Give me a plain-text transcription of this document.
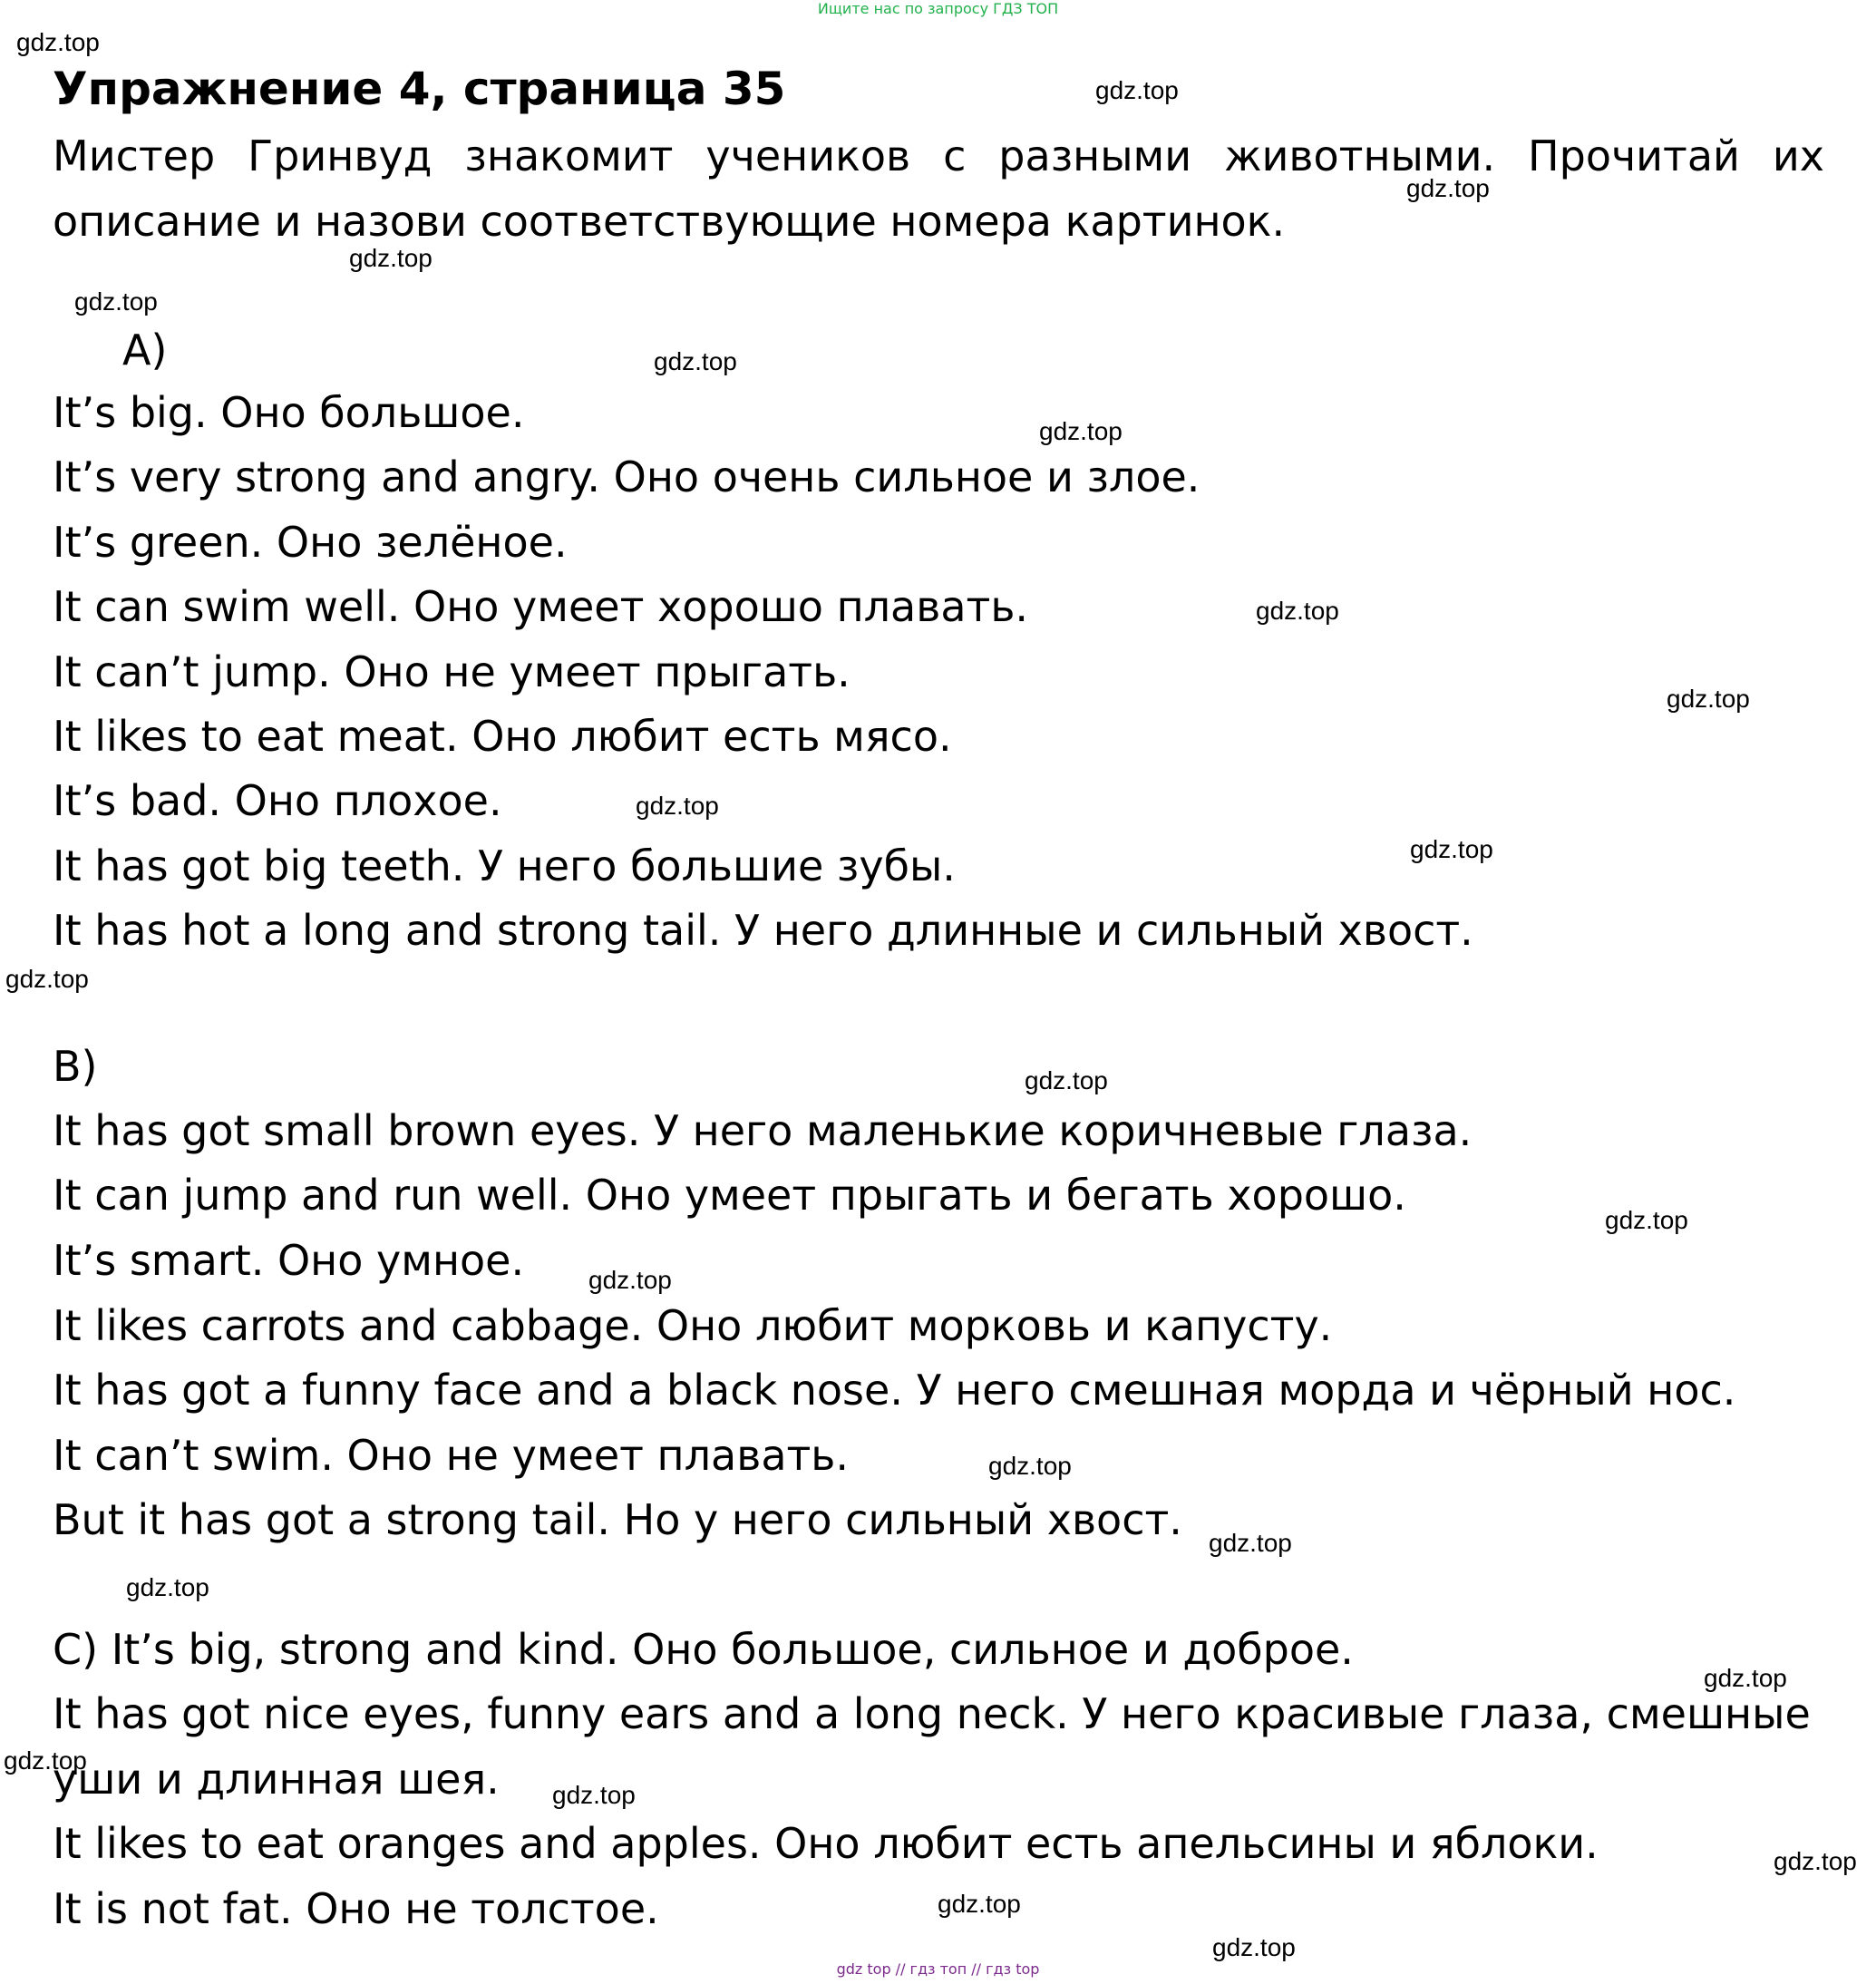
Ищите нас по запросу ГДЗ ТОП
Упражнение 4, страница 35
Мистер Гринвуд знакомит учеников с разными животными. Прочитай их описание и назови соответствующие номера картинок.
A)
It’s big. Оно большое.
It’s very strong and angry. Оно очень сильное и злое.
It’s green. Оно зелёное.
It can swim well. Оно умеет хорошо плавать.
It can’t jump. Оно не умеет прыгать.
It likes to eat meat. Оно любит есть мясо.
It’s bad. Оно плохое.
It has got big teeth. У него большие зубы.
It has hot a long and strong tail. У него длинные и сильный хвост.
B)
It has got small brown eyes. У него маленькие коричневые глаза.
It can jump and run well. Оно умеет прыгать и бегать хорошо.
It’s smart. Оно умное.
It likes carrots and cabbage. Оно любит морковь и капусту.
It has got a funny face and a black nose. У него смешная морда и чёрный нос.
It can’t swim. Оно не умеет плавать.
But it has got a strong tail. Но у него сильный хвост.
C) It’s big, strong and kind. Оно большое, сильное и доброе.
It has got nice eyes, funny ears and a long neck. У него красивые глаза, смешные
уши и длинная шея.
It likes to eat oranges and apples. Оно любит есть апельсины и яблоки.
It is not fat. Оно не толстое.
gdz.top
gdz.top
gdz.top
gdz.top
gdz.top
gdz.top
gdz.top
gdz.top
gdz.top
gdz.top
gdz.top
gdz.top
gdz.top
gdz.top
gdz.top
gdz.top
gdz.top
gdz.top
gdz.top
gdz.top
gdz.top
gdz.top
gdz.top
gdz.top
gdz top // гдз топ // гдз top
